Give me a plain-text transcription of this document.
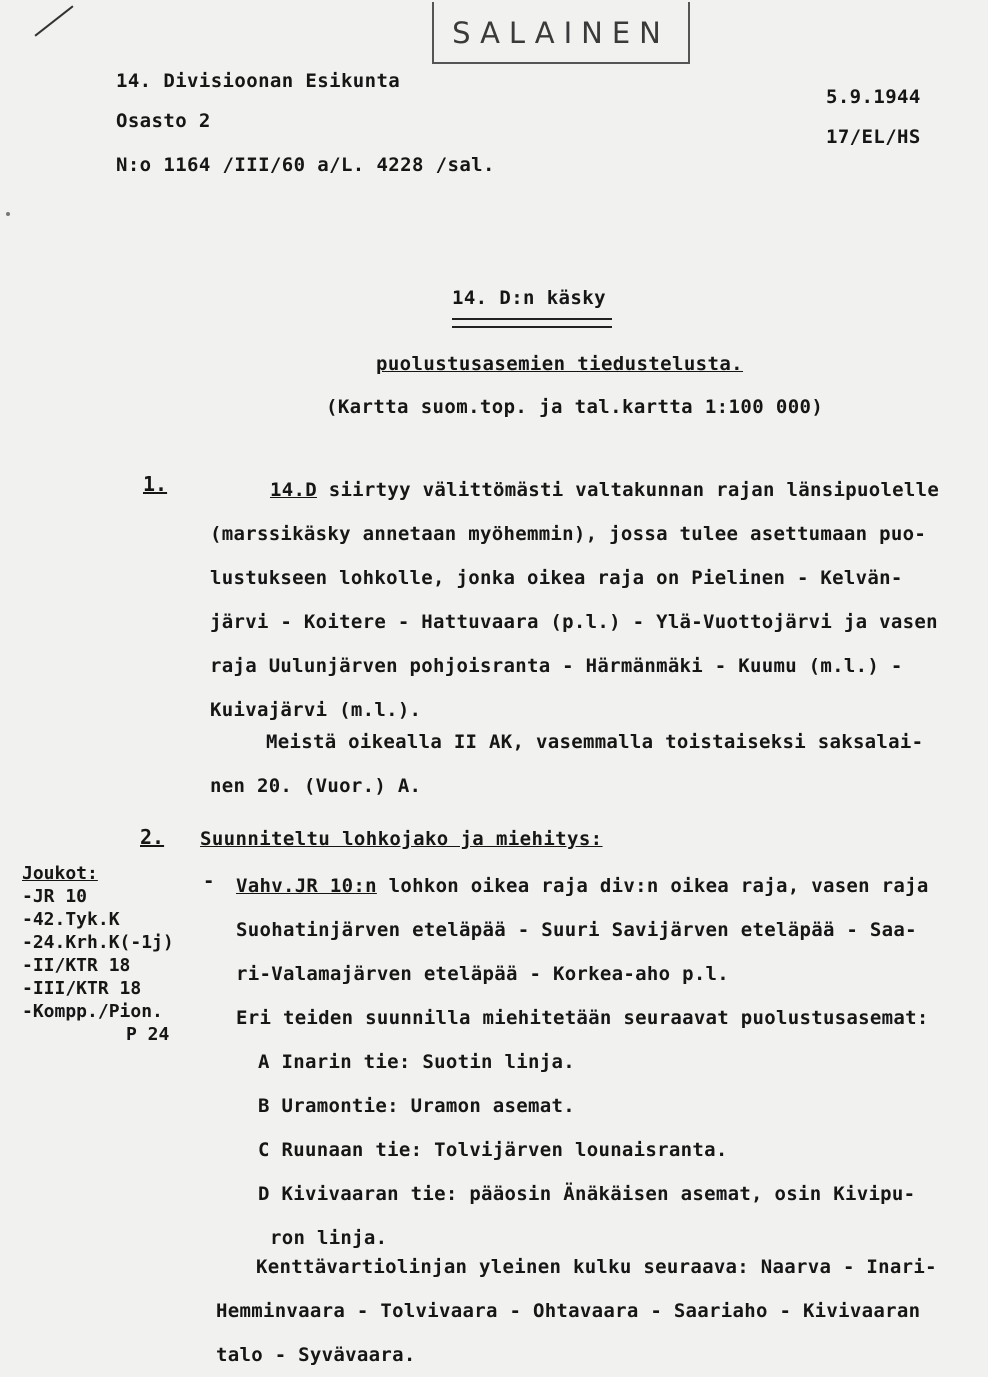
SALAINEN
14. Divisioonan Esikunta
Osasto 2
N:o 1164 /III/60 a/L. 4228 /sal.
5.9.1944
17/EL/HS
14. D:n käsky
puolustusasemien tiedustelusta.
(Kartta suom.top. ja tal.kartta 1:100 000)
1.	14.D siirtyy välittömästi valtakunnan rajan länsipuolelle
(marssikäsky annetaan myöhemmin), jossa tulee asettumaan puo-
lustukseen lohkolle, jonka oikea raja on Pielinen - Kelvän-
järvi - Koitere - Hattuvaara (p.l.) - Ylä-Vuottojärvi ja vasen
raja Uulunjärven pohjoisranta - Härmänmäki - Kuumu (m.l.) -
Kuivajärvi (m.l.).
Meistä oikealla II AK, vasemmalla toistaiseksi saksalai-
nen 20. (Vuor.) A.
2. Suunniteltu lohkojako ja miehitys:
- Vahv.JR 10:n lohkon oikea raja div:n oikea raja, vasen raja
Suohatinjärven eteläpää - Suuri Savijärven eteläpää - Saa-
ri-Valamajärven eteläpää - Korkea-aho p.l.
Eri teiden suunnilla miehitetään seuraavat puolustusasemat:
A Inarin tie: Suotin linja.
B Uramontie: Uramon asemat.
C Ruunaan tie: Tolvijärven lounaisranta.
D Kivivaaran tie: pääosin Änäkäisen asemat, osin Kivipu-
ron linja.
Kenttävartiolinjan yleinen kulku seuraava: Naarva - Inari-
Hemminvaara - Tolvivaara - Ohtavaara - Saariaho - Kivivaaran
talo - Syvävaara.
Joukot:
-JR 10
-42.Tyk.K
-24.Krh.K(-1j)
-II/KTR 18
-III/KTR 18
-Kompp./Pion.
P 24
